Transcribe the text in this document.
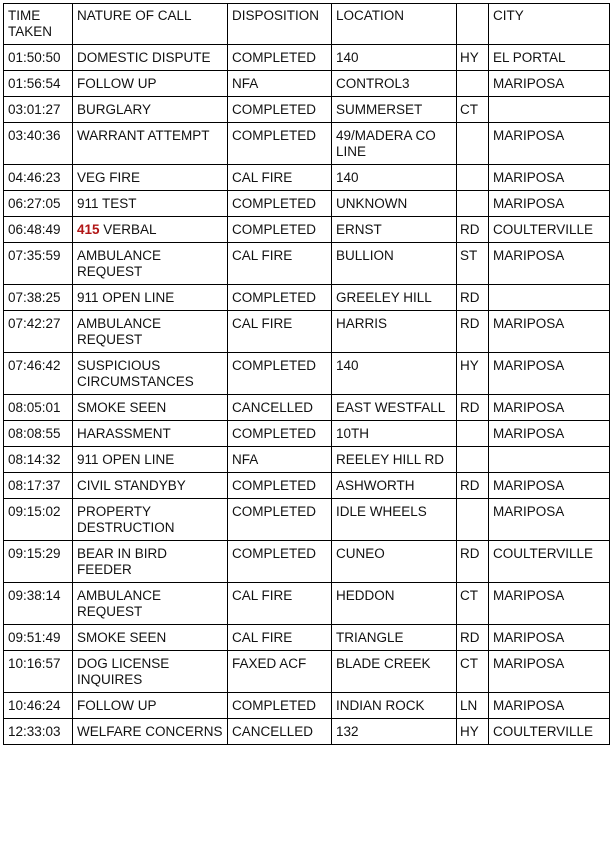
TIME
TAKEN	NATURE OF CALL	DISPOSITION	LOCATION		CITY
01:50:50	DOMESTIC DISPUTE	COMPLETED	140	HY	EL PORTAL
01:56:54	FOLLOW UP	NFA	CONTROL3		MARIPOSA
03:01:27	BURGLARY	COMPLETED	SUMMERSET	CT	
03:40:36	WARRANT ATTEMPT	COMPLETED	49/MADERA CO LINE		MARIPOSA
04:46:23	VEG FIRE	CAL FIRE	140		MARIPOSA
06:27:05	911 TEST	COMPLETED	UNKNOWN		MARIPOSA
06:48:49	415 VERBAL	COMPLETED	ERNST	RD	COULTERVILLE
07:35:59	AMBULANCE REQUEST	CAL FIRE	BULLION	ST	MARIPOSA
07:38:25	911 OPEN LINE	COMPLETED	GREELEY HILL	RD	
07:42:27	AMBULANCE REQUEST	CAL FIRE	HARRIS	RD	MARIPOSA
07:46:42	SUSPICIOUS CIRCUMSTANCES	COMPLETED	140	HY	MARIPOSA
08:05:01	SMOKE SEEN	CANCELLED	EAST WESTFALL	RD	MARIPOSA
08:08:55	HARASSMENT	COMPLETED	10TH		MARIPOSA
08:14:32	911 OPEN LINE	NFA	REELEY HILL RD		
08:17:37	CIVIL STANDYBY	COMPLETED	ASHWORTH	RD	MARIPOSA
09:15:02	PROPERTY DESTRUCTION	COMPLETED	IDLE WHEELS		MARIPOSA
09:15:29	BEAR IN BIRD FEEDER	COMPLETED	CUNEO	RD	COULTERVILLE
09:38:14	AMBULANCE REQUEST	CAL FIRE	HEDDON	CT	MARIPOSA
09:51:49	SMOKE SEEN	CAL FIRE	TRIANGLE	RD	MARIPOSA
10:16:57	DOG LICENSE INQUIRES	FAXED ACF	BLADE CREEK	CT	MARIPOSA
10:46:24	FOLLOW UP	COMPLETED	INDIAN ROCK	LN	MARIPOSA
12:33:03	WELFARE CONCERNS	CANCELLED	132	HY	COULTERVILLE
